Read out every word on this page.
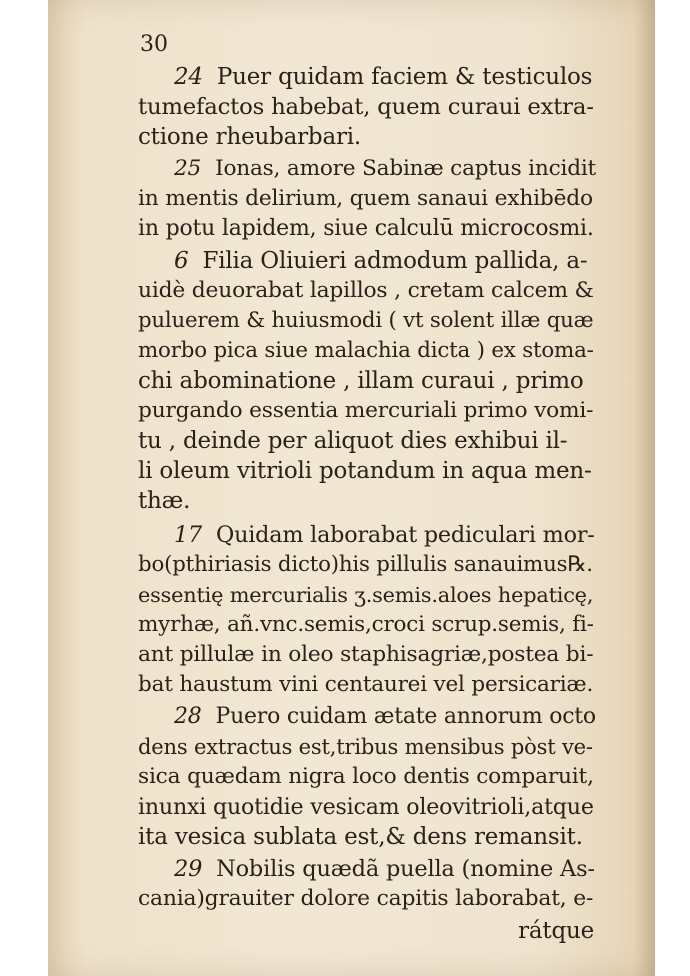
30
24 Puer quidam faciem & testiculos
tumefactos habebat, quem curaui extra-
ctione rheubarbari.
25 Ionas, amore Sabinæ captus incidit
in mentis delirium, quem sanaui exhibēdo
in potu lapidem, siue calculū microcosmi.
6 Filia Oliuieri admodum pallida, a-
uidè deuorabat lapillos , cretam calcem &
puluerem & huiusmodi ( vt solent illæ quæ
morbo pica siue malachia dicta ) ex stoma-
chi abominatione , illam curaui , primo
purgando essentia mercuriali primo vomi-
tu , deinde per aliquot dies exhibui il-
li oleum vitrioli potandum in aqua men-
thæ.
17 Quidam laborabat pediculari mor-
bo(pthiriasis dicto)his pillulis sanauimus℞.
essentię mercurialis ʒ.semis.aloes hepaticę,
myrhæ, añ.vnc.semis,croci scrup.semis, fi-
ant pillulæ in oleo staphisagriæ,postea bi-
bat haustum vini centaurei vel persicariæ.
28 Puero cuidam ætate annorum octo
dens extractus est,tribus mensibus pòst ve-
sica quædam nigra loco dentis comparuit,
inunxi quotidie vesicam oleovitrioli,atque
ita vesica sublata est,& dens remansit.
29 Nobilis quædã puella (nomine As-
cania)grauiter dolore capitis laborabat, e-
rátque
